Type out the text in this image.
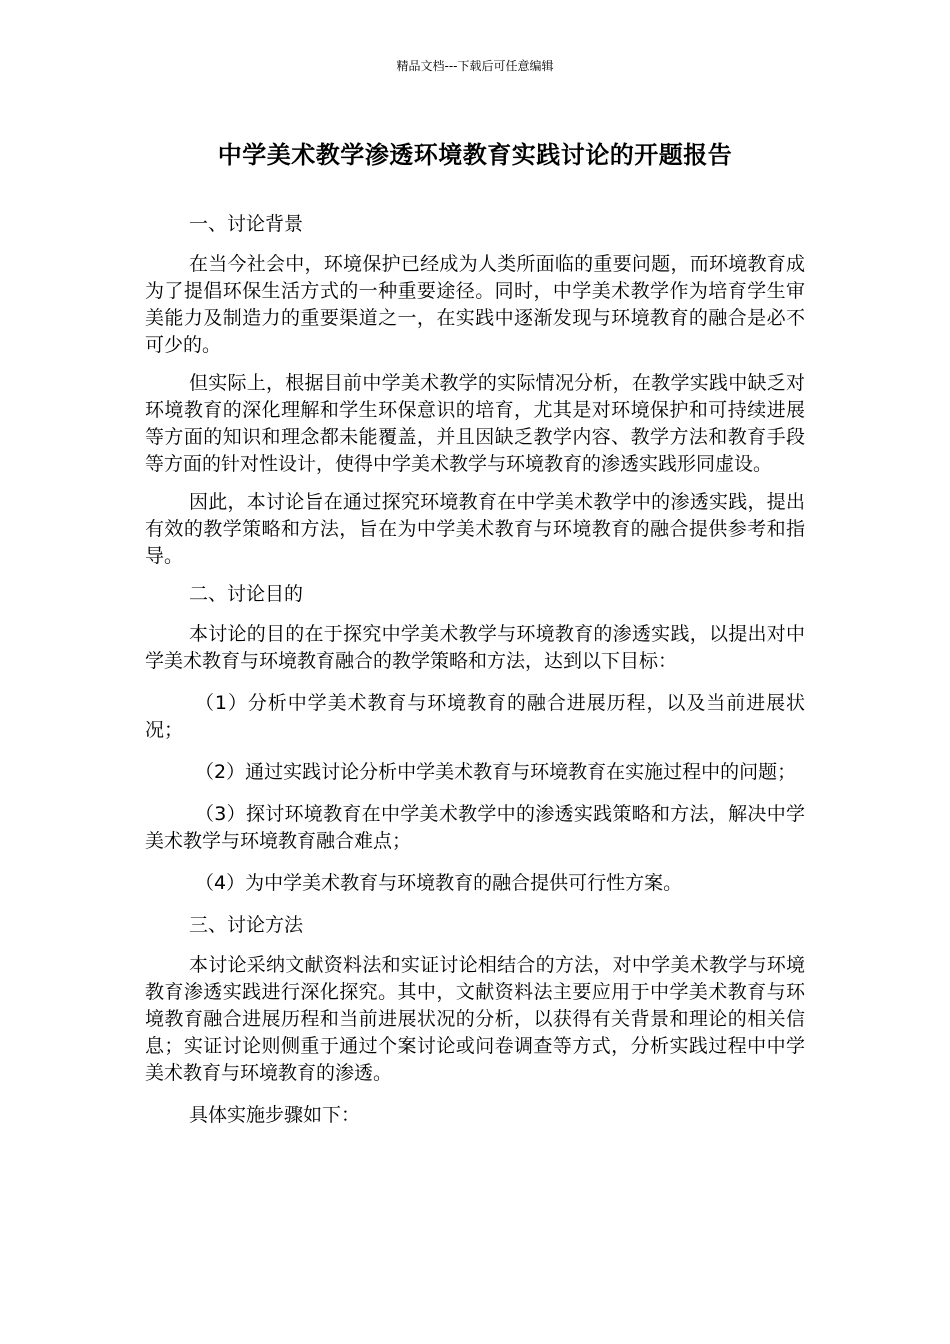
精品文档---下载后可任意编辑
中学美术教学渗透环境教育实践讨论的开题报告

一、讨论背景

在当今社会中，环境保护已经成为人类所面临的重要问题，而环境教育成为了提倡环保生活方式的一种重要途径。同时，中学美术教学作为培育学生审美能力及制造力的重要渠道之一，在实践中逐渐发现与环境教育的融合是必不可少的。

但实际上，根据目前中学美术教学的实际情况分析，在教学实践中缺乏对环境教育的深化理解和学生环保意识的培育，尤其是对环境保护和可持续进展等方面的知识和理念都未能覆盖，并且因缺乏教学内容、教学方法和教育手段等方面的针对性设计，使得中学美术教学与环境教育的渗透实践形同虚设。

因此，本讨论旨在通过探究环境教育在中学美术教学中的渗透实践，提出有效的教学策略和方法，旨在为中学美术教育与环境教育的融合提供参考和指导。

二、讨论目的

本讨论的目的在于探究中学美术教学与环境教育的渗透实践，以提出对中学美术教育与环境教育融合的教学策略和方法，达到以下目标：

（1）分析中学美术教育与环境教育的融合进展历程，以及当前进展状况；

（2）通过实践讨论分析中学美术教育与环境教育在实施过程中的问题；

（3）探讨环境教育在中学美术教学中的渗透实践策略和方法，解决中学美术教学与环境教育融合难点；

（4）为中学美术教育与环境教育的融合提供可行性方案。

三、讨论方法

本讨论采纳文献资料法和实证讨论相结合的方法，对中学美术教学与环境教育渗透实践进行深化探究。其中，文献资料法主要应用于中学美术教育与环境教育融合进展历程和当前进展状况的分析，以获得有关背景和理论的相关信息；实证讨论则侧重于通过个案讨论或问卷调查等方式，分析实践过程中中学美术教育与环境教育的渗透。

具体实施步骤如下：
